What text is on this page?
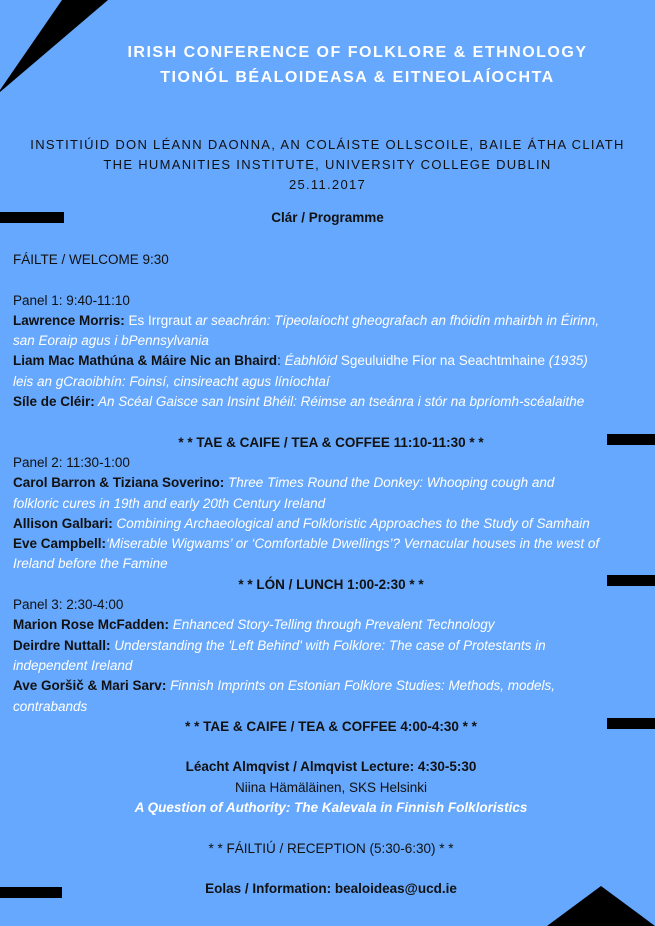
IRISH CONFERENCE OF FOLKLORE & ETHNOLOGY
TIONÓL BÉALOIDEASA & EITNEOLAÍOCHTA
INSTITIÚID DON LÉANN DAONNA, AN COLÁISTE OLLSCOILE, BAILE ÁTHA CLIATH
THE HUMANITIES INSTITUTE, UNIVERSITY COLLEGE DUBLIN
25.11.2017
Clár / Programme
FÁILTE / WELCOME 9:30
Panel 1: 9:40-11:10
Lawrence Morris: Es Irrgraut ar seachrán: Típeolaíocht gheografach an fhóidín mhairbh in Éirinn,
san Eoraip agus i bPennsylvania
Liam Mac Mathúna & Máire Nic an Bhaird: Éabhlóid Sgeuluidhe Fíor na Seachtmhaine (1935)
leis an gCraoibhín: Foinsí, cinsireacht agus líníochtaí
Síle de Cléir: An Scéal Gaisce san Insint Bhéil: Réimse an tseánra i stór na bpríomh-scéalaithe
* * TAE & CAIFE / TEA & COFFEE 11:10-11:30 * *
Panel 2: 11:30-1:00
Carol Barron & Tiziana Soverino: Three Times Round the Donkey: Whooping cough and
folkloric cures in 19th and early 20th Century Ireland
Allison Galbari: Combining Archaeological and Folkloristic Approaches to the Study of Samhain
Eve Campbell:‘Miserable Wigwams’ or ‘Comfortable Dwellings’? Vernacular houses in the west of
Ireland before the Famine
* * LÓN / LUNCH 1:00-2:30 * *
Panel 3: 2:30-4:00
Marion Rose McFadden: Enhanced Story-Telling through Prevalent Technology
Deirdre Nuttall: Understanding the 'Left Behind' with Folklore: The case of Protestants in
independent Ireland
Ave Goršič & Mari Sarv: Finnish Imprints on Estonian Folklore Studies: Methods, models,
contrabands
* * TAE & CAIFE / TEA & COFFEE 4:00-4:30 * *
Léacht Almqvist / Almqvist Lecture: 4:30-5:30
Niina Hämäläinen, SKS Helsinki
A Question of Authority: The Kalevala in Finnish Folkloristics
* * FÁILTIÚ / RECEPTION (5:30-6:30) * *
Eolas / Information: bealoideas@ucd.ie
